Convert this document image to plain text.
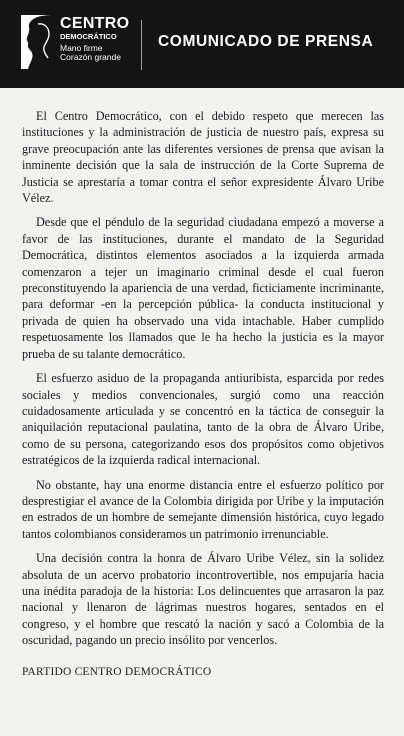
CENTRO
DEMOCRÁTICO
Mano firme
Corazón grande
COMUNICADO DE PRENSA

El Centro Democrático, con el debido respeto que merecen las instituciones y la administración de justicia de nuestro país, expresa su grave preocupación ante las diferentes versiones de prensa que avisan la inminente decisión que la sala de instrucción de la Corte Suprema de Justicia se aprestaría a tomar contra el señor expresidente Álvaro Uribe Vélez.

Desde que el péndulo de la seguridad ciudadana empezó a moverse a favor de las instituciones, durante el mandato de la Seguridad Democrática, distintos elementos asociados a la izquierda armada comenzaron a tejer un imaginario criminal desde el cual fueron preconstituyendo la apariencia de una verdad, ficticiamente incriminante, para deformar -en la percepción pública- la conducta institucional y privada de quien ha observado una vida intachable. Haber cumplido respetuosamente los llamados que le ha hecho la justicia es la mayor prueba de su talante democrático.

El esfuerzo asiduo de la propaganda antiuribista, esparcida por redes sociales y medios convencionales, surgió como una reacción cuidadosamente articulada y se concentró en la táctica de conseguir la aniquilación reputacional paulatina, tanto de la obra de Álvaro Uribe, como de su persona, categorizando esos dos propósitos como objetivos estratégicos de la izquierda radical internacional.

No obstante, hay una enorme distancia entre el esfuerzo político por desprestigiar el avance de la Colombia dirigida por Uribe y la imputación en estrados de un hombre de semejante dimensión histórica, cuyo legado tantos colombianos consideramos un patrimonio irrenunciable.

Una decisión contra la honra de Álvaro Uribe Vélez, sin la solidez absoluta de un acervo probatorio incontrovertible, nos empujaría hacia una inédita paradoja de la historia: Los delincuentes que arrasaron la paz nacional y llenaron de lágrimas nuestros hogares, sentados en el congreso, y el hombre que rescató la nación y sacó a Colombia de la oscuridad, pagando un precio insólito por vencerlos.

PARTIDO CENTRO DEMOCRÁTICO
